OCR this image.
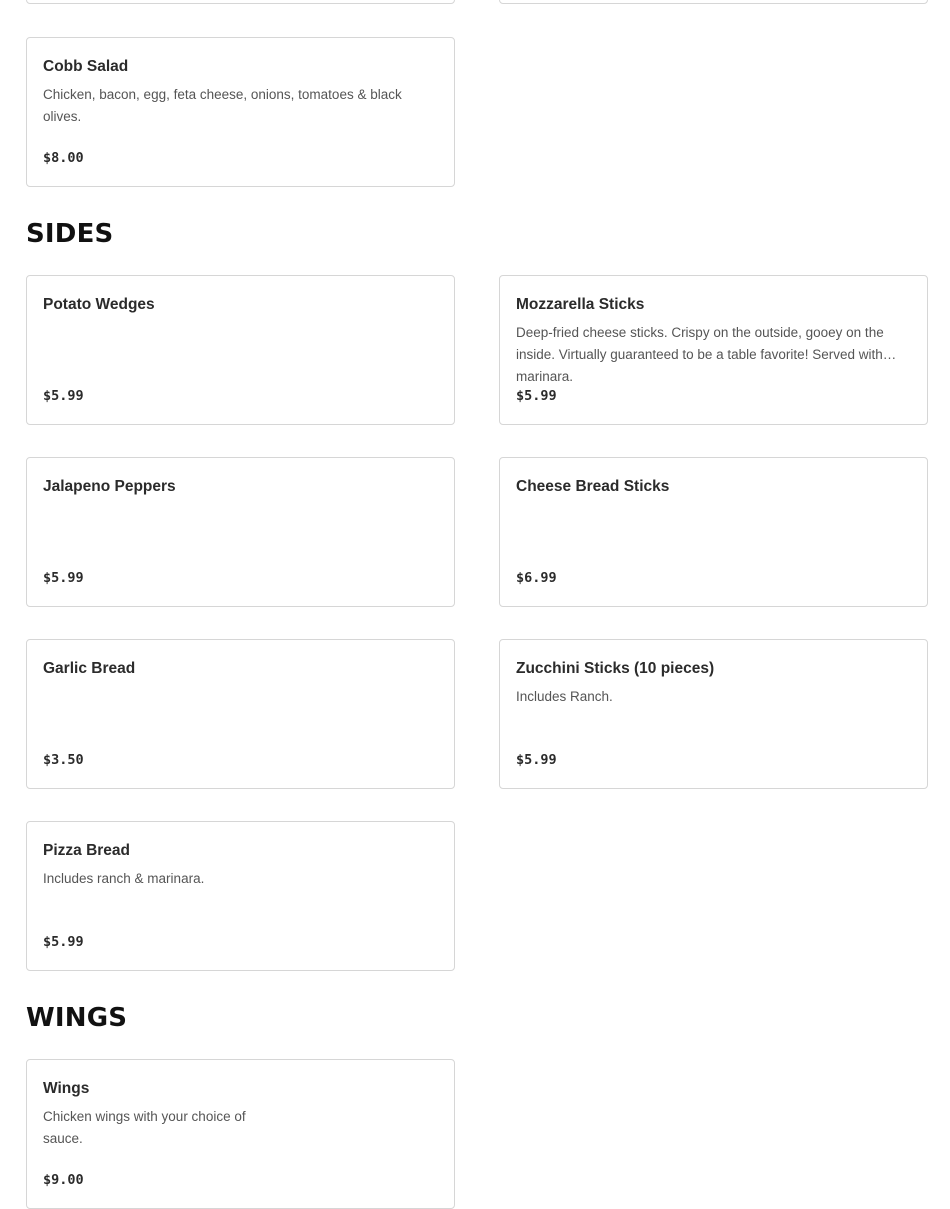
Cobb Salad
Chicken, bacon, egg, feta cheese, onions, tomatoes & black olives.
$8.00
SIDES
Potato Wedges
$5.99
Mozzarella Sticks
Deep-fried cheese sticks. Crispy on the outside, gooey on the inside. Virtually guaranteed to be a table favorite! Served with marinara.
$5.99
Jalapeno Peppers
$5.99
Cheese Bread Sticks
$6.99
Garlic Bread
$3.50
Zucchini Sticks (10 pieces)
Includes Ranch.
$5.99
Pizza Bread
Includes ranch & marinara.
$5.99
WINGS
Wings
Chicken wings with your choice of sauce.
$9.00
